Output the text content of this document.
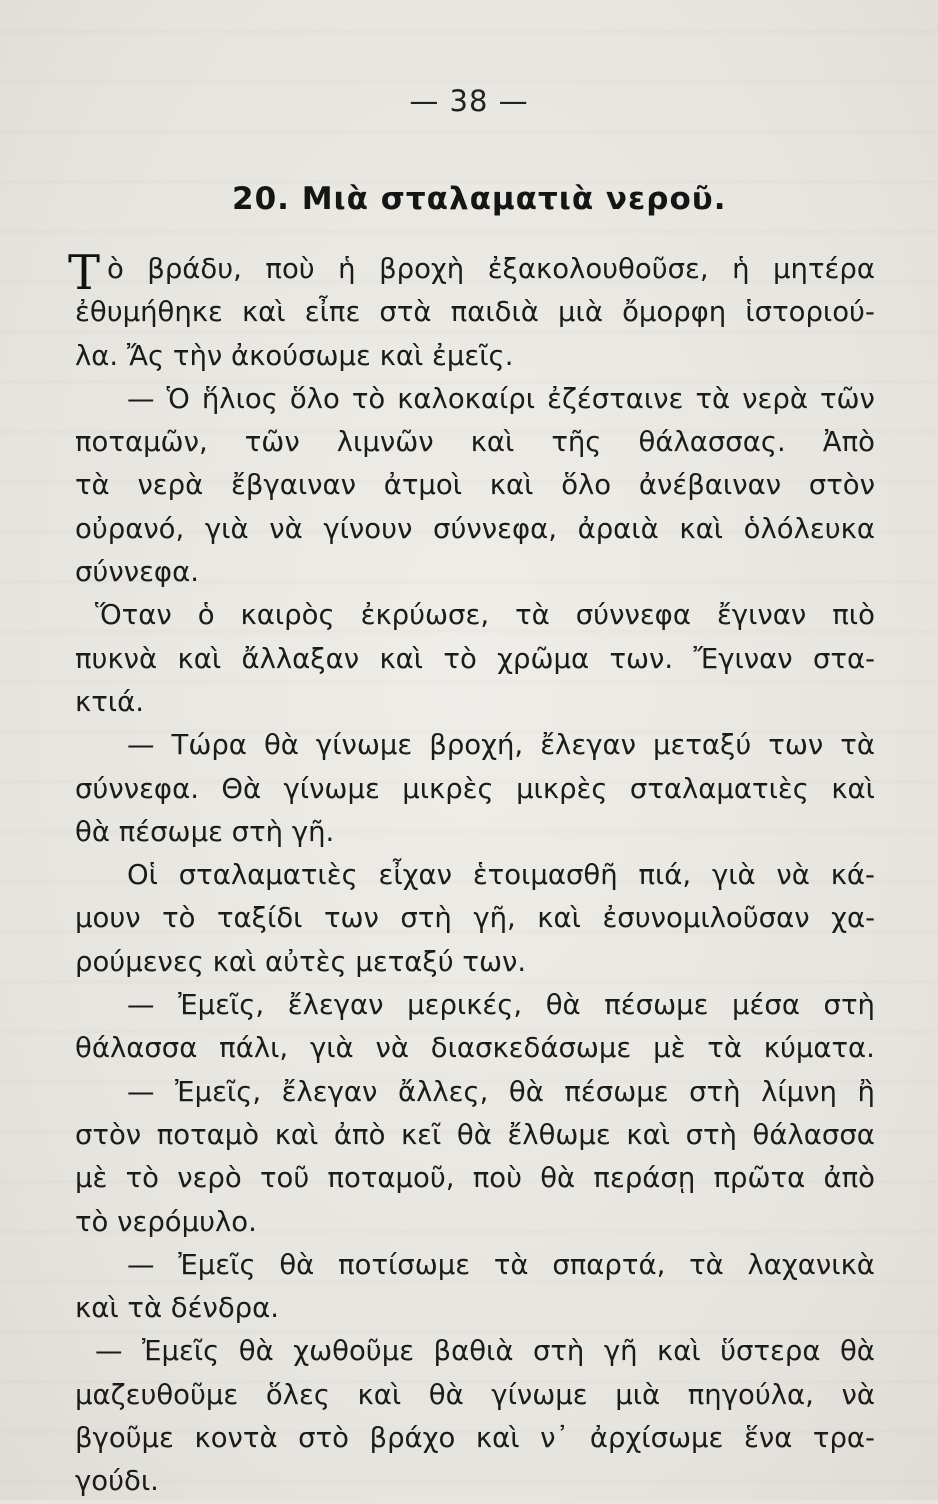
— 38 —
20. Μιὰ σταλαματιὰ νεροῦ.
Τ ὸ βράδυ, ποὺ ἡ βροχὴ ἐξακολουθοῦσε, ἡ μητέρα
ἐθυμήθηκε καὶ εἶπε στὰ παιδιὰ μιὰ ὄμορφη ἱστοριού-
λα. Ἄς τὴν ἀκούσωμε καὶ ἐμεῖς.
— Ὁ ἥλιος ὅλο τὸ καλοκαίρι ἐζέσταινε τὰ νερὰ τῶν
ποταμῶν, τῶν λιμνῶν καὶ τῆς θάλασσας. Ἀπὸ
τὰ νερὰ ἔβγαιναν ἀτμοὶ καὶ ὅλο ἀνέβαιναν στὸν
οὐρανό, γιὰ νὰ γίνουν σύννεφα, ἀραιὰ καὶ ὁλόλευκα
σύννεφα.
Ὅταν ὁ καιρὸς ἐκρύωσε, τὰ σύννεφα ἔγιναν πιὸ
πυκνὰ καὶ ἄλλαξαν καὶ τὸ χρῶμα των. Ἔγιναν στα-
κτιά.
— Τώρα θὰ γίνωμε βροχή, ἔλεγαν μεταξύ των τὰ
σύννεφα. Θὰ γίνωμε μικρὲς μικρὲς σταλαματιὲς καὶ
θὰ πέσωμε στὴ γῆ.
Οἱ σταλαματιὲς εἶχαν ἑτοιμασθῆ πιά, γιὰ νὰ κά-
μουν τὸ ταξίδι των στὴ γῆ, καὶ ἐσυνομιλοῦσαν χα-
ρούμενες καὶ αὐτὲς μεταξύ των.
— Ἐμεῖς, ἔλεγαν μερικές, θὰ πέσωμε μέσα στὴ
θάλασσα πάλι, γιὰ νὰ διασκεδάσωμε μὲ τὰ κύματα.
— Ἐμεῖς, ἔλεγαν ἄλλες, θὰ πέσωμε στὴ λίμνη ἢ
στὸν ποταμὸ καὶ ἀπὸ κεῖ θὰ ἔλθωμε καὶ στὴ θάλασσα
μὲ τὸ νερὸ τοῦ ποταμοῦ, ποὺ θὰ περάσῃ πρῶτα ἀπὸ
τὸ νερόμυλο.
— Ἐμεῖς θὰ ποτίσωμε τὰ σπαρτά, τὰ λαχανικὰ
καὶ τὰ δένδρα.
— Ἐμεῖς θὰ χωθοῦμε βαθιὰ στὴ γῆ καὶ ὕστερα θὰ
μαζευθοῦμε ὅλες καὶ θὰ γίνωμε μιὰ πηγούλα, νὰ
βγοῦμε κοντὰ στὸ βράχο καὶ ν᾽ ἀρχίσωμε ἕνα τρα-
γούδι.
